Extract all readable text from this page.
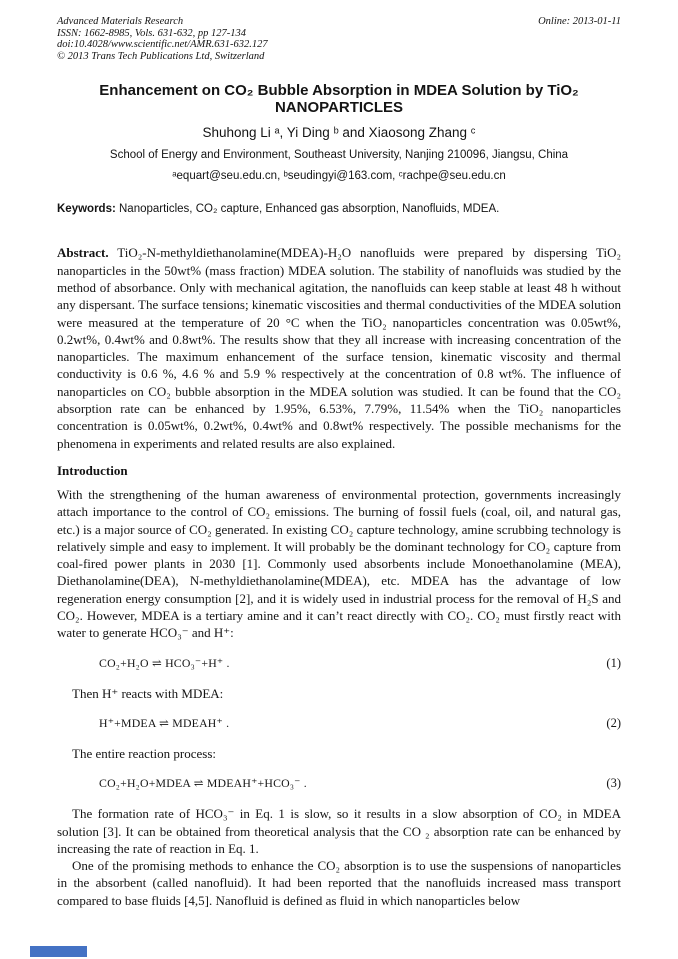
Advanced Materials Research
ISSN: 1662-8985, Vols. 631-632, pp 127-134
doi:10.4028/www.scientific.net/AMR.631-632.127
© 2013 Trans Tech Publications Ltd, Switzerland
Online: 2013-01-11
Enhancement on CO₂ Bubble Absorption in MDEA Solution by TiO₂ NANOPARTICLES
Shuhong Li ᵃ, Yi Ding ᵇ and Xiaosong Zhang ᶜ
School of Energy and Environment, Southeast University, Nanjing 210096, Jiangsu, China
ᵃequart@seu.edu.cn, ᵇseudingyi@163.com, ᶜrachpe@seu.edu.cn
Keywords: Nanoparticles, CO₂ capture, Enhanced gas absorption, Nanofluids, MDEA.
Abstract. TiO₂-N-methyldiethanolamine(MDEA)-H₂O nanofluids were prepared by dispersing TiO₂ nanoparticles in the 50wt% (mass fraction) MDEA solution. The stability of nanofluids was studied by the method of absorbance. Only with mechanical agitation, the nanofluids can keep stable at least 48 h without any dispersant. The surface tensions; kinematic viscosities and thermal conductivities of the MDEA solution were measured at the temperature of 20 °C when the TiO₂ nanoparticles concentration was 0.05wt%, 0.2wt%, 0.4wt% and 0.8wt%. The results show that they all increase with increasing concentration of the nanoparticles. The maximum enhancement of the surface tension, kinematic viscosity and thermal conductivity is 0.6 %, 4.6 % and 5.9 % respectively at the concentration of 0.8 wt%. The influence of nanoparticles on CO₂ bubble absorption in the MDEA solution was studied. It can be found that the CO₂ absorption rate can be enhanced by 1.95%, 6.53%, 7.79%, 11.54% when the TiO₂ nanoparticles concentration is 0.05wt%, 0.2wt%, 0.4wt% and 0.8wt% respectively. The possible mechanisms for the phenomena in experiments and related results are also explained.
Introduction

With the strengthening of the human awareness of environmental protection, governments increasingly attach importance to the control of CO₂ emissions. The burning of fossil fuels (coal, oil, and natural gas, etc.) is a major source of CO₂ generated. In existing CO₂ capture technology, amine scrubbing technology is relatively simple and easy to implement. It will probably be the dominant technology for CO₂ capture from coal-fired power plants in 2030 [1]. Commonly used absorbents include Monoethanolamine (MEA), Diethanolamine(DEA), N-methyldiethanolamine(MDEA), etc. MDEA has the advantage of low regeneration energy consumption [2], and it is widely used in industrial process for the removal of H₂S and CO₂. However, MDEA is a tertiary amine and it can’t react directly with CO₂. CO₂ must firstly react with water to generate HCO₃⁻ and H⁺:

CO₂+H₂O ⇌ HCO₃⁻+H⁺ .	(1)

Then H⁺ reacts with MDEA:

H⁺+MDEA ⇌ MDEAH⁺ .	(2)

The entire reaction process:

CO₂+H₂O+MDEA ⇌ MDEAH⁺+HCO₃⁻ .	(3)

The formation rate of HCO₃⁻ in Eq. 1 is slow, so it results in a slow absorption of CO₂ in MDEA solution [3]. It can be obtained from theoretical analysis that the CO ₂ absorption rate can be enhanced by increasing the rate of reaction in Eq. 1.

One of the promising methods to enhance the CO₂ absorption is to use the suspensions of nanoparticles in the absorbent (called nanofluid). It had been reported that the nanofluids increased mass transport compared to base fluids [4,5]. Nanofluid is defined as fluid in which nanoparticles below
